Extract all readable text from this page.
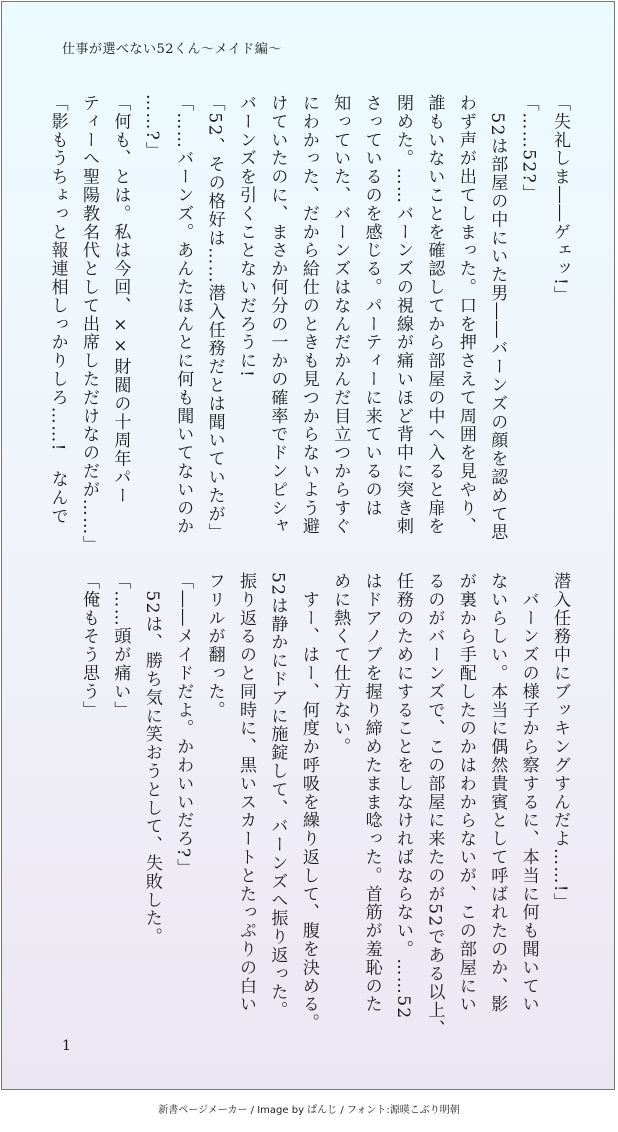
仕事が選べない52くん〜メイド編〜
「失礼しま――ゲェッ!」
「……52?」
　52は部屋の中にいた男――バーンズの顔を認めて思
わず声が出てしまった。口を押さえて周囲を見やり、
誰もいないことを確認してから部屋の中へ入ると扉を
閉めた。……バーンズの視線が痛いほど背中に突き刺
さっているのを感じる。パーティーに来ているのは
知っていた、バーンズはなんだかんだ目立つからすぐ
にわかった、だから給仕のときも見つからないよう避
けていたのに、まさか何分の一かの確率でドンピシャ
バーンズを引くことないだろうに!
「52、その格好は……潜入任務だとは聞いていたが」
「……バーンズ。あんたほんとに何も聞いてないのか
……?」
「何も、とは。私は今回、××財閥の十周年パー
ティーへ聖陽教名代として出席しただけなのだが……」
「影もうちょっと報連相しっかりしろ……!　なんで
潜入任務中にブッキングすんだよ……!」
　バーンズの様子から察するに、本当に何も聞いてい
ないらしい。本当に偶然貴賓として呼ばれたのか、影
が裏から手配したのかはわからないが、この部屋にい
るのがバーンズで、この部屋に来たのが52である以上、
任務のためにすることをしなければならない。……52
はドアノブを握り締めたまま唸った。首筋が羞恥のた
めに熱くて仕方ない。
　すー、はー、何度か呼吸を繰り返して、腹を決める。
52は静かにドアに施錠して、バーンズへ振り返った。
振り返るのと同時に、黒いスカートとたっぷりの白い
フリルが翻った。
「――メイドだよ。かわいいだろ?」
　52は、勝ち気に笑おうとして、失敗した。
「……頭が痛い」
「俺もそう思う」
1
新書ページメーカー / Image by ぱんじ / フォント:源暎こぶり明朝
